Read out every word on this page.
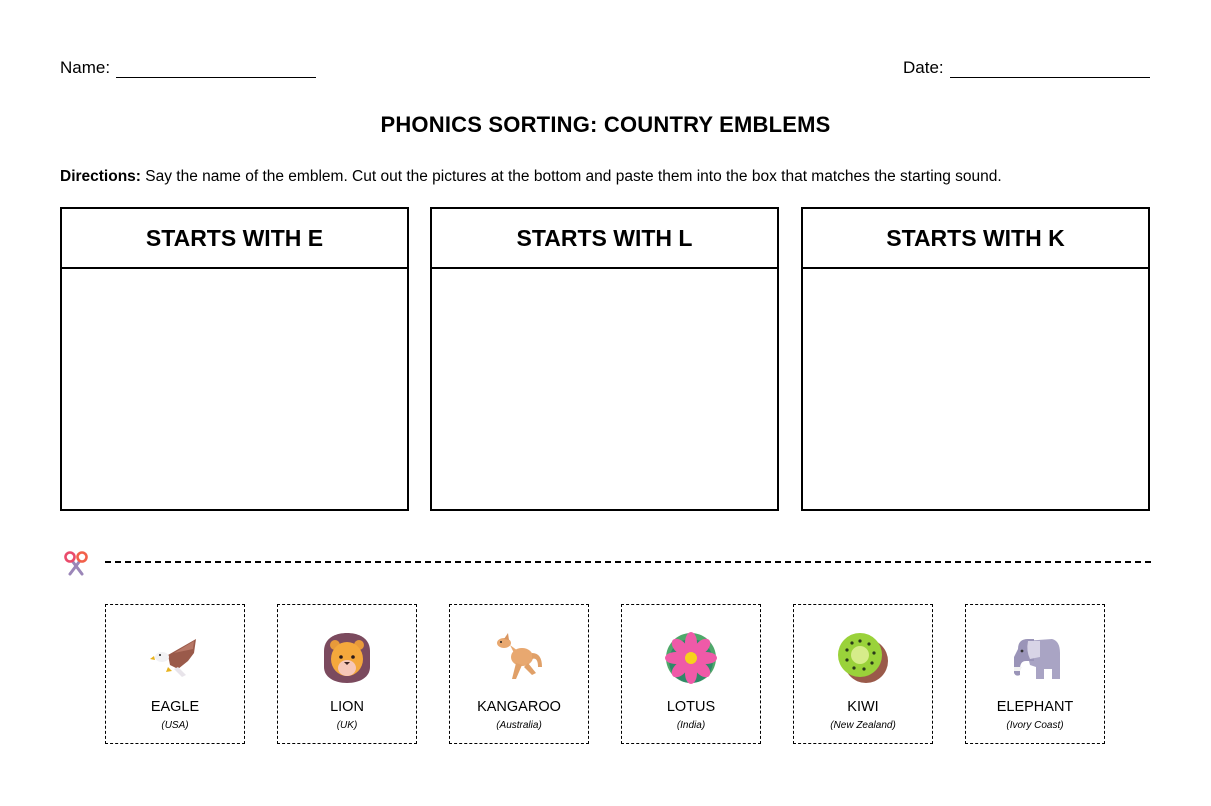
Name:	Date:
PHONICS SORTING: COUNTRY EMBLEMS
Directions: Say the name of the emblem. Cut out the pictures at the bottom and paste them into the box that matches the starting sound.
STARTS WITH E	STARTS WITH L	STARTS WITH K
EAGLE
(USA)
LION
(UK)
KANGAROO
(Australia)
LOTUS
(India)
KIWI
(New Zealand)
ELEPHANT
(Ivory Coast)
